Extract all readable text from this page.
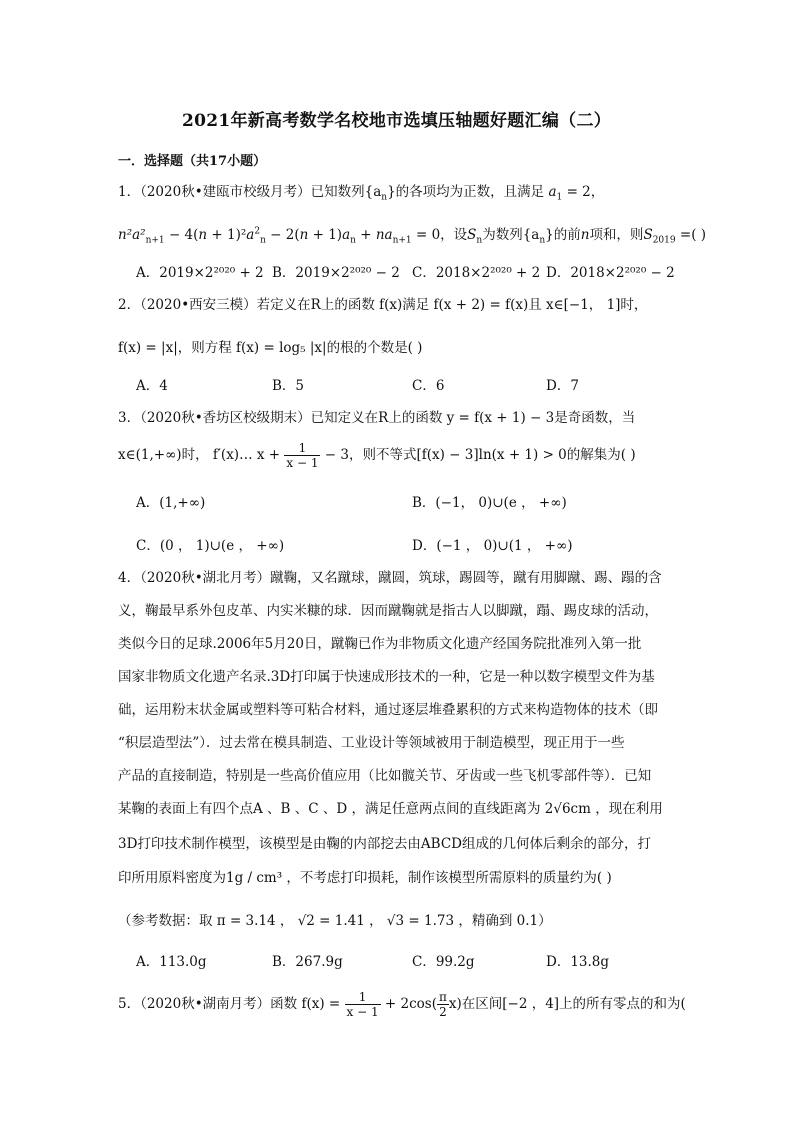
2021年新高考数学名校地市选填压轴题好题汇编（二）
一．选择题（共17小题）
1．（2020秋•建瓯市校级月考）已知数列$\{a_n\}$的各项均为正数，且满足 $a_1 = 2$，
$n^2a^2_{n+1} - 4(n + 1)^2a^2_n - 2(n + 1)a_n + na_{n+1} = 0$，设$S_n$为数列$\{a_n\}$的前n项和，则$S_{2019}$ =( )
A．2019×2²⁰²⁰ + 2 B．2019×2²⁰²⁰ − 2 C．2018×2²⁰²⁰ + 2 D．2018×2²⁰²⁰ − 2
2．（2020•西安三模）若定义在R上的函数 f(x)满足 f(x + 2) = f(x)且 x∈[−1， 1]时，
f(x) = |x|，则方程 f(x) = log₅ |x|的根的个数是( )
A．4	B．5	C．6	D．7
3．（2020秋•香坊区校级期末）已知定义在R上的函数 y = f(x + 1) − 3是奇函数，当
x∈(1,+∞)时， f′(x)… $x + \frac{1}{x - 1} - 3$，则不等式[f(x) − 3]ln(x + 1) > 0的解集为( )
A．(1,+∞)	B．(−1， 0)∪(e ， +∞)
C．(0 ， 1)∪(e ， +∞)	D．(−1 ， 0)∪(1 ， +∞)
4．（2020秋•湖北月考）蹴鞠，又名蹴球，蹴圆，筑球，踢圆等，蹴有用脚蹴、踢、蹋的含
义，鞠最早系外包皮革、内实米糠的球．因而蹴鞠就是指古人以脚蹴，蹋、踢皮球的活动，
类似今日的足球.2006年5月20日，蹴鞠已作为非物质文化遗产经国务院批准列入第一批
国家非物质文化遗产名录.3D打印属于快速成形技术的一种，它是一种以数字模型文件为基
础，运用粉末状金属或塑料等可粘合材料，通过逐层堆叠累积的方式来构造物体的技术（即
“积层造型法”）．过去常在模具制造、工业设计等领域被用于制造模型，现正用于一些
产品的直接制造，特别是一些高价值应用（比如髋关节、牙齿或一些飞机零部件等）．已知
某鞠的表面上有四个点A 、B 、C 、D ，满足任意两点间的直线距离为 2√6cm ，现在利用
3D打印技术制作模型，该模型是由鞠的内部挖去由ABCD组成的几何体后剩余的部分，打
印所用原料密度为1g / cm³ ，不考虑打印损耗，制作该模型所需原料的质量约为( )
（参考数据：取 π = 3.14 ， √2 = 1.41 ， √3 = 1.73 ，精确到 0.1）
A．113.0g	B．267.9g	C．99.2g	D．13.8g
5．（2020秋•湖南月考）函数 $f(x) = \frac{1}{x - 1} + 2\cos( \frac{\pi}{2} x)$在区间[−2 ，4]上的所有零点的和为(
